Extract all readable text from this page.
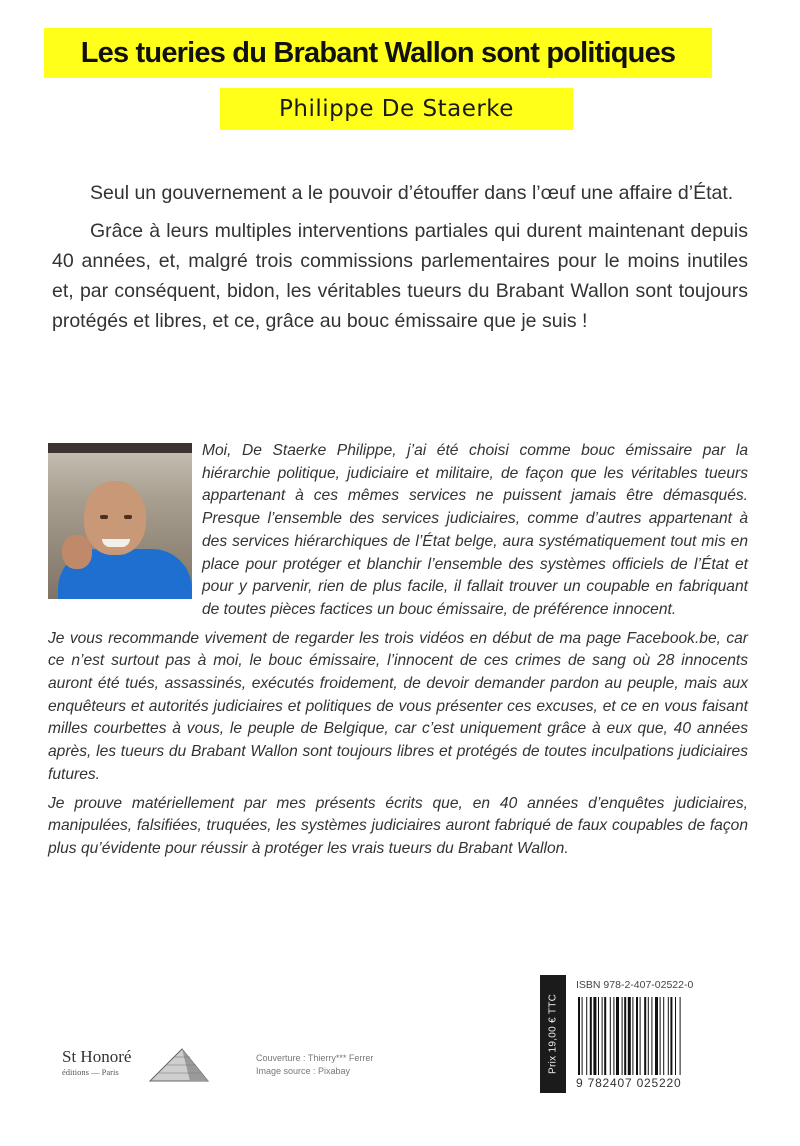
Les tueries du Brabant Wallon sont politiques
Philippe De Staerke

Seul un gouvernement a le pouvoir d’étouffer dans l’œuf une affaire d’État.

Grâce à leurs multiples interventions partiales qui durent maintenant depuis 40 années, et, malgré trois commissions parlementaires pour le moins inutiles et, par conséquent, bidon, les véritables tueurs du Brabant Wallon sont toujours protégés et libres, et ce, grâce au bouc émissaire que je suis !

Moi, De Staerke Philippe, j’ai été choisi comme bouc émissaire par la hiérarchie politique, judiciaire et militaire, de façon que les véritables tueurs appartenant à ces mêmes services ne puissent jamais être démasqués. Presque l’ensemble des services judiciaires, comme d’autres appartenant à des services hiérarchiques de l’État belge, aura systématiquement tout mis en place pour protéger et blanchir l’ensemble des systèmes officiels de l’État et pour y parvenir, rien de plus facile, il fallait trouver un coupable en fabriquant de toutes pièces factices un bouc émissaire, de préférence innocent.

Je vous recommande vivement de regarder les trois vidéos en début de ma page Facebook.be, car ce n’est surtout pas à moi, le bouc émissaire, l’innocent de ces crimes de sang où 28 innocents auront été tués, assassinés, exécutés froidement, de devoir demander pardon au peuple, mais aux enquêteurs et autorités judiciaires et politiques de vous présenter ces excuses, et ce en vous faisant milles courbettes à vous, le peuple de Belgique, car c’est uniquement grâce à eux que, 40 années après, les tueurs du Brabant Wallon sont toujours libres et protégés de toutes inculpations judiciaires futures.

Je prouve matériellement par mes présents écrits que, en 40 années d’enquêtes judiciaires, manipulées, falsifiées, truquées, les systèmes judiciaires auront fabriqué de faux coupables de façon plus qu’évidente pour réussir à protéger les vrais tueurs du Brabant Wallon.

Prix 19,00 € TTC
ISBN 978-2-407-02522-0
9 782407 025220
St Honoré
éditions — Paris
Couverture : Thierry*** Ferrer
Image source : Pixabay
